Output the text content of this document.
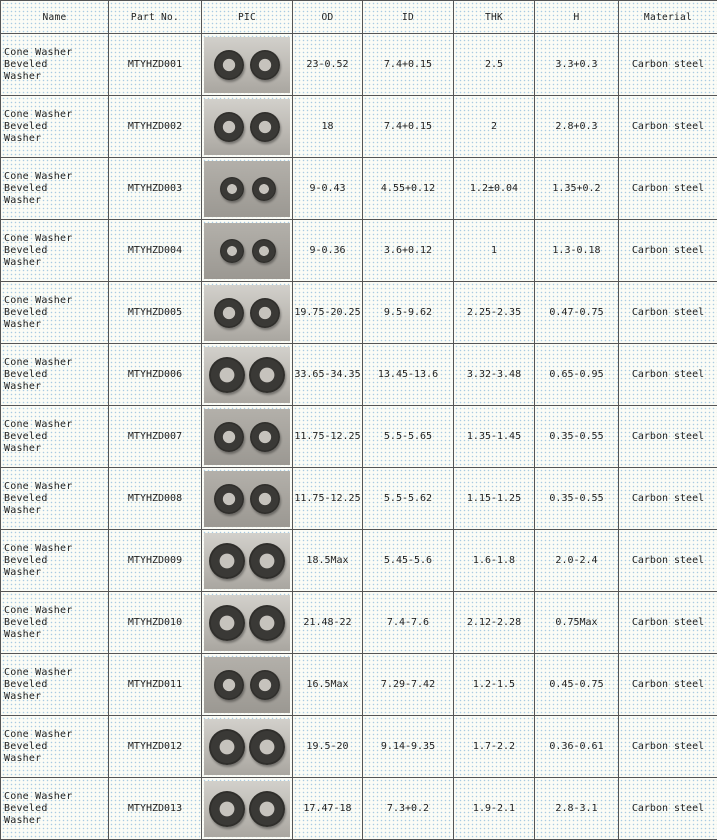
Name	Part No.	PIC	OD	ID	THK	H	Material

Cone Washer Beveled
Washer	MTYHZD001		23-0.52	7.4+0.15	2.5	3.3+0.3	Carbon steel

Cone Washer Beveled
Washer	MTYHZD002		18	7.4+0.15	2	2.8+0.3	Carbon steel

Cone Washer Beveled
Washer	MTYHZD003		9-0.43	4.55+0.12	1.2±0.04	1.35+0.2	Carbon steel

Cone Washer Beveled
Washer	MTYHZD004		9-0.36	3.6+0.12	1	1.3-0.18	Carbon steel

Cone Washer Beveled
Washer	MTYHZD005		19.75-20.25	9.5-9.62	2.25-2.35	0.47-0.75	Carbon steel

Cone Washer Beveled
Washer	MTYHZD006		33.65-34.35	13.45-13.6	3.32-3.48	0.65-0.95	Carbon steel

Cone Washer Beveled
Washer	MTYHZD007		11.75-12.25	5.5-5.65	1.35-1.45	0.35-0.55	Carbon steel

Cone Washer Beveled
Washer	MTYHZD008		11.75-12.25	5.5-5.62	1.15-1.25	0.35-0.55	Carbon steel

Cone Washer Beveled
Washer	MTYHZD009		18.5Max	5.45-5.6	1.6-1.8	2.0-2.4	Carbon steel

Cone Washer Beveled
Washer	MTYHZD010		21.48-22	7.4-7.6	2.12-2.28	0.75Max	Carbon steel

Cone Washer Beveled
Washer	MTYHZD011		16.5Max	7.29-7.42	1.2-1.5	0.45-0.75	Carbon steel

Cone Washer Beveled
Washer	MTYHZD012		19.5-20	9.14-9.35	1.7-2.2	0.36-0.61	Carbon steel

Cone Washer Beveled
Washer	MTYHZD013		17.47-18	7.3+0.2	1.9-2.1	2.8-3.1	Carbon steel
